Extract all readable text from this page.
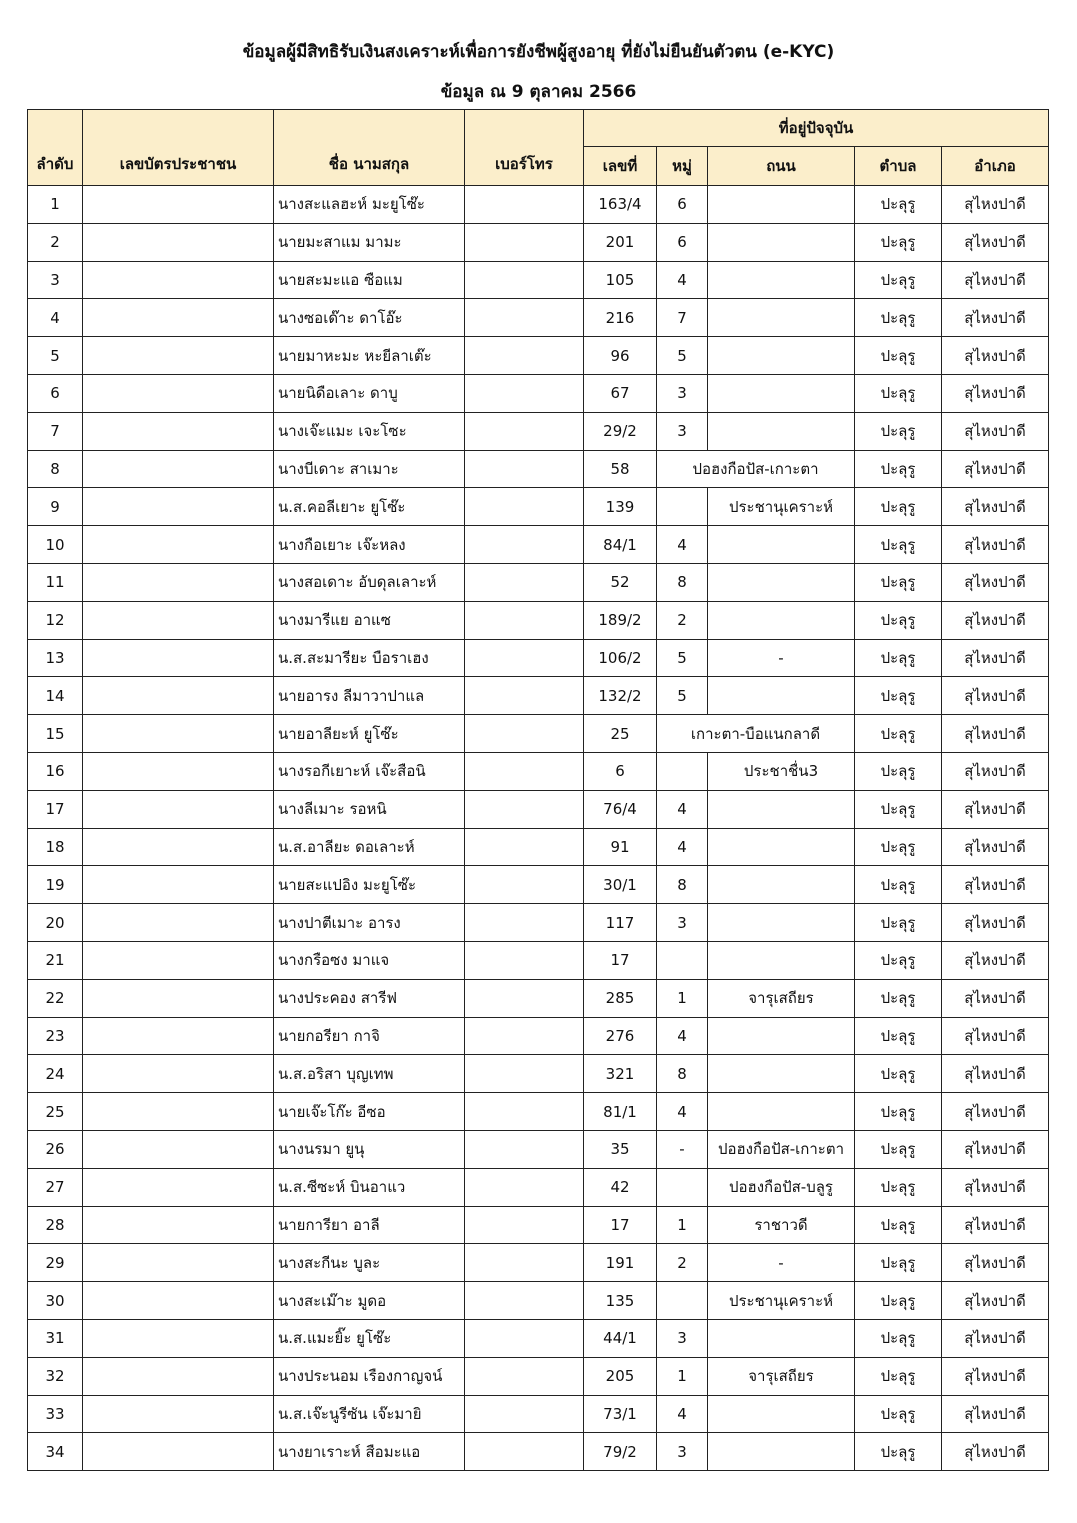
ข้อมูลผู้มีสิทธิรับเงินสงเคราะห์เพื่อการยังชีพผู้สูงอายุ ที่ยังไม่ยืนยันตัวตน (e-KYC)
ข้อมูล ณ 9 ตุลาคม 2566
ลำดับ	เลขบัตรประชาชน	ชื่อ นามสกุล	เบอร์โทร	ที่อยู่ปัจจุบัน				
				เลขที่	หมู่	ถนน	ตำบล	อำเภอ
1		นางสะแลฮะห์ มะยูโซ๊ะ		163/4	6		ปะลุรู	สุไหงปาดี
2		นายมะสาแม มามะ		201	6		ปะลุรู	สุไหงปาดี
3		นายสะมะแอ ซือแม		105	4		ปะลุรู	สุไหงปาดี
4		นางซอเด๊าะ ดาโอ๊ะ		216	7		ปะลุรู	สุไหงปาดี
5		นายมาหะมะ หะยีลาเต๊ะ		96	5		ปะลุรู	สุไหงปาดี
6		นายนิดือเลาะ ดาบู		67	3		ปะลุรู	สุไหงปาดี
7		นางเจ๊ะแมะ เจะโซะ		29/2	3		ปะลุรู	สุไหงปาดี
8		นางบีเดาะ สาเมาะ		58	ปอฮงกือปัส-เกาะตา		ปะลุรู	สุไหงปาดี
9		น.ส.คอลีเยาะ ยูโซ๊ะ		139		ประชานุเคราะห์	ปะลุรู	สุไหงปาดี
10		นางกือเยาะ เจ๊ะหลง		84/1	4		ปะลุรู	สุไหงปาดี
11		นางสอเดาะ อับดุลเลาะห์		52	8		ปะลุรู	สุไหงปาดี
12		นางมารีแย อาแซ		189/2	2		ปะลุรู	สุไหงปาดี
13		น.ส.สะมารียะ บือราเฮง		106/2	5	-	ปะลุรู	สุไหงปาดี
14		นายอารง ลีมาวาปาแล		132/2	5		ปะลุรู	สุไหงปาดี
15		นายอาลียะห์ ยูโซ๊ะ		25	เกาะตา-บือแนกลาดี		ปะลุรู	สุไหงปาดี
16		นางรอกีเยาะห์ เจ๊ะสือนิ		6		ประชาชื่น3	ปะลุรู	สุไหงปาดี
17		นางลีเมาะ รอหนิ		76/4	4		ปะลุรู	สุไหงปาดี
18		น.ส.อาลียะ ดอเลาะห์		91	4		ปะลุรู	สุไหงปาดี
19		นายสะแปอิง มะยูโซ๊ะ		30/1	8		ปะลุรู	สุไหงปาดี
20		นางปาตีเมาะ อารง		117	3		ปะลุรู	สุไหงปาดี
21		นางกรือซง มาแจ		17			ปะลุรู	สุไหงปาดี
22		นางประคอง สารีฟ		285	1	จารุเสถียร	ปะลุรู	สุไหงปาดี
23		นายกอรียา กาจิ		276	4		ปะลุรู	สุไหงปาดี
24		น.ส.อริสา บุญเทพ		321	8		ปะลุรู	สุไหงปาดี
25		นายเจ๊ะโก๊ะ อีซอ		81/1	4		ปะลุรู	สุไหงปาดี
26		นางนรมา ยูนุ		35	-	ปอฮงกือปัส-เกาะตา	ปะลุรู	สุไหงปาดี
27		น.ส.ซีซะห์ บินอาแว		42		ปอฮงกือปัส-บลูรู	ปะลุรู	สุไหงปาดี
28		นายการียา อาลี		17	1	ราชาวดี	ปะลุรู	สุไหงปาดี
29		นางสะกีนะ บูละ		191	2	-	ปะลุรู	สุไหงปาดี
30		นางสะเม๊าะ มูดอ		135		ประชานุเคราะห์	ปะลุรู	สุไหงปาดี
31		น.ส.แมะยิ๊ะ ยูโซ๊ะ		44/1	3		ปะลุรู	สุไหงปาดี
32		นางประนอม เรืองกาญจน์		205	1	จารุเสถียร	ปะลุรู	สุไหงปาดี
33		น.ส.เจ๊ะนูรีซัน เจ๊ะมายิ		73/1	4		ปะลุรู	สุไหงปาดี
34		นางยาเราะห์ สือมะแอ		79/2	3		ปะลุรู	สุไหงปาดี
